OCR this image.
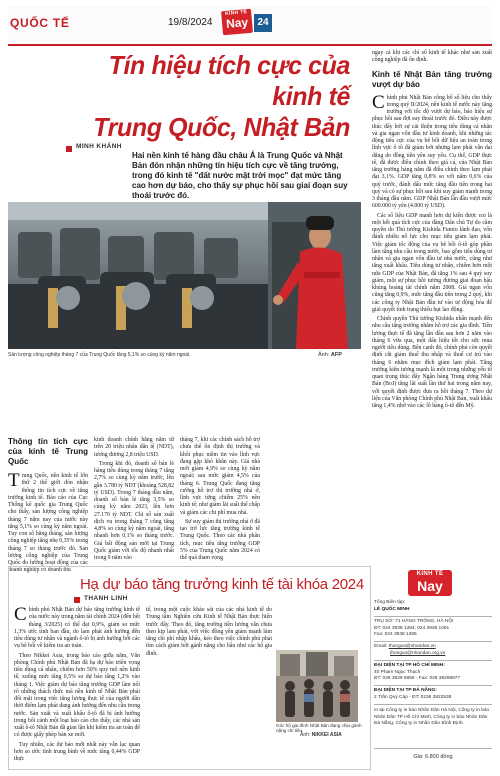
QUỐC TẾ	19/8/2024
KINH TẾ
Nay 24
Tín hiệu tích cực của kinh tế
Trung Quốc, Nhật Bản
MINH KHÁNH
Hai nền kinh tế hàng đầu châu Á là Trung Quốc và Nhật Bản đón nhận những tín hiệu tích cực về tăng trưởng, trong đó kinh tế "đất nước mặt trời mọc" đạt mức tăng cao hơn dự báo, cho thấy sự phục hồi sau giai đoạn suy thoái trước đó.
Sản lượng công nghiệp tháng 7 của Trung Quốc tăng 5,1% so cùng kỳ năm ngoái.	Ảnh: AFP
Thông tin tích cực của kinh tế Trung Quốc

Trung Quốc, nền kinh tế lớn thứ 2 thế giới đón nhận thông tin tích cực về tăng trưởng kinh tế. Báo cáo của Cục Thống kê quốc gia Trung Quốc cho thấy, sản lượng công nghiệp tháng 7 năm nay của nước này tăng 5,1% so cùng kỳ năm ngoái. Tuy con số hằng tháng, sản lượng công nghiệp tăng nhẹ 0,35% trong tháng 7 so tháng trước đó. Sản lượng công nghiệp của Trung Quốc đo lường hoạt động của các doanh nghiệp có doanh thu

kinh doanh chính hằng năm từ trên 20 triệu nhân dân tệ (NDT), tương đương 2,8 triệu USD.

Trong khi đó, doanh số bán lẻ hàng tiêu dùng trong tháng 7 tăng 2,7% so cùng kỳ năm trước, lên gần 3.780 tỷ NDT (khoảng 528,82 tỷ USD). Trong 7 tháng đầu năm, doanh số bán lẻ tăng 3,5% so cùng kỳ năm 2023, lên hơn 27.170 tỷ NDT. Chi số sản xuất dịch vụ trong tháng 7 cũng tăng 4,8% so cùng kỳ năm ngoái, tăng nhanh hơn 0,1% so tháng trước. Giá bất động sản mới tại Trung Quốc giảm với tốc độ nhanh nhất trong 9 năm vào

tháng 7, khi các chính sách hỗ trợ chưa thể ổn định thị trường và khôi phục niềm tin vào lĩnh vực đang gặp khó khăn này. Giá nhà mới giảm 4,9% so cùng kỳ năm ngoái; sau mức giảm 4,5% của tháng 6. Trung Quốc đang tăng cường hỗ trợ thị trường nhà ở, lĩnh vực từng chiếm 25% nền kinh tế; như giảm lãi suất thế chấp và giảm các chi phí mua nhà.

Sự suy giảm thị trường nhà ở đã tạo trở lực tăng trưởng kinh tế Trung Quốc. Theo các nhà phân tích, mục tiêu tăng trưởng GDP 5% của Trung Quốc năm 2024 có thể quá tham vọng

ngay cả khi các chỉ số kinh tế khác như sản xuất công nghiệp đã ổn định.

Kinh tế Nhật Bản tăng trưởng vượt dự báo

Chính phủ Nhật Bản công bố số liệu cho thấy trong quý II/2024, nền kinh tế nước này tăng trưởng với tốc độ vượt dự báo, báo hiệu sự phục hồi sau đợt suy thoái trước đó. Điều này được thúc đẩy bởi sự cải thiện trong tiêu dùng cá nhân và gia ngạn vốn đầu tư kinh doanh, khi những tác động tiêu cực của vụ bê bối dữ liệu an toàn trong lĩnh vực ô tô đã giảm bớt nhưng lạm phát vẫn dai dẳng do đồng tiền yên suy yếu. Cụ thể, GDP thực tế, đã được điều chỉnh theo giá cả, của Nhật Bản tăng trưởng hàng năm đã điều chỉnh theo lạm phát đạt 3,1%. GDP tăng 0,8% so với năm 0,6% của quý trước, đánh dấu mức tăng đầu tiên trong hai quý và có sự phục hồi sau khi suy giảm mạnh trong 3 tháng đầu năm. GDP Nhật Bản lần đầu vượt mức 600.000 tỷ yên (4.000 tỷ USD).

Các số liệu GDP mạnh hơn dự kiến được coi là một kết quả tích cực của đảng Dân chủ Tự do cầm quyền do Thủ tướng Kishida Fumio lãnh đạo, vốn đánh nhiều nỗ lực cho mục tiêu giảm lạm phát. Việc giảm tốc động của vụ bê bối ô-tô góp phần làm tăng nhu cầu trong nước, bao gồm tiêu dùng tư nhân và gia ngạn vốn đầu tư nhà nước, cũng như tăng xuất khẩu. Tiêu dùng tư nhân, chiếm hơn một nửa GDP của Nhật Bản, đã tăng 1% sau 4 quý suy giảm, một sự phục hồi tương đương giai đoạn hậu khủng hoảng tài chính năm 2008. Giá ngạn vốn cũng tăng 0,9%, mức tăng đầu tiên trong 2 quý, khi các công ty Nhật Bản đầu tư vào tự động hóa để giải quyết tình trạng thiếu hụt lao động.

Chính quyền Thủ tướng Kishida nhấn mạnh đến nhu cầu tăng trưởng nhằm hỗ trợ các gia đình. Tiền lương thực tế đã tăng lần đầu sau hơn 2 năm vào tháng 6 vừa qua, một dấu hiệu tốt cho sức mua người tiêu dùng. Bên cạnh đó, chính phủ còn quyết định cắt giảm thuế thu nhập và thuế cư trú vào tháng 6 nhằm mục đích giảm lạm phát. Tăng trưởng kiên tương mạnh là một trong những yếu tố quan trọng thúc đẩy Ngân hàng Trung ương Nhật Bản (BoJ) tăng lãi suất lần thứ hai trong năm nay, với quyết định được đưa ra hồi tháng 7. Theo dự liệu của Văn phòng Chính phủ Nhật Bản, xuất khẩu tăng 1,4% nhờ vào các lô hàng ô-tô đến Mỹ.

Hạ dự báo tăng trưởng kinh tế tài khóa 2024
THANH LINH

Chính phủ Nhật Bản dự báo tăng trưởng kinh tế của nước này trong năm tài chính 2024 (đến hết tháng 3/2025) có thể đạt 0,9%, giảm so mức 1,3% ước tính ban đầu, do lạm phát ảnh hưởng đến tiêu dùng tư nhân và ngành ô-tô bị ảnh hưởng bởi các vụ bê bối về kiểm tra an toàn.

Theo Nikkei Asia, trong báo cáo giữa năm, Văn phòng Chính phủ Nhật Bản đã hạ dự báo triển vọng tiêu dùng cá nhân, chiếm hơn 50% quy mô nền kinh tế, xuống mức tăng 0,5% so dự báo tăng 1,2% vào tháng 1. Việc giảm dự báo tăng trưởng GDP làm nổi rõ những thách thức mà nền kinh tế Nhật Bản phải đối mặt trong việc tăng lương thực tế của người dân thời điểm lạm phát đang ảnh hưởng đến nhu cầu trong nước. Sản xuất và xuất khẩu ô-tô đã bị ảnh hưởng trong bối cảnh một loạt báo cáo cho thấy, các nhà sản xuất ô-tô Nhật Bản đã gian lận khi kiểm tra an toàn để có được giấy phép bán xe mới.

Tuy nhiên, các dự báo mới nhất này vẫn lạc quan hơn so ước tính trung bình về mức tăng 0,44% GDP thực

tế, trong một cuộc khảo sát của các nhà kinh tế do Trung tâm Nghiên cứu Kinh tế Nhật Bản thực hiện trước đây. Theo đó, tăng trưởng tiền lương vẫn chưa theo kịp lạm phát, với việc đồng yên giảm mạnh làm tăng chi phí nhập khẩu, kéo theo việc chính phủ phải tìm cách giảm bớt gánh nặng cho hầu như các hộ gia đình.

Góc hộ gia đình Nhật Bản đang chịu gánh nặng chi tiêu.
Ảnh: NIKKEI ASIA
KINH TẾ
Nay
Tổng Biên tập:
LÊ QUỐC MINH
TRỤ SỞ: 71 HÀNG TRỐNG, HÀ NỘI
ĐT: 024 3938 1384; 024 3938 1091
Fax: 024 3938 1385
Email: thongxa@nhandan.vn
thongxa@nhandan.org.vn
ĐẠI DIỆN TẠI TP HỒ CHÍ MINH:
40 Phạm Ngọc Thạch
ĐT: 028 3829 6856 - Fax: 028 38296877
ĐẠI DIỆN TẠI TP ĐÀ NẴNG:
2 Trần Quý Cáp - ĐT: 0236 3822538
In tại Công ty in báo Nhân Dân Hà Nội, Công ty in báo Nhân Dân TP Hồ Chí Minh, Công ty in báo Nhân Dân Đà Nẵng, Công ty in Nhân Dân Bình Định.
Giá: 6.800 đồng
